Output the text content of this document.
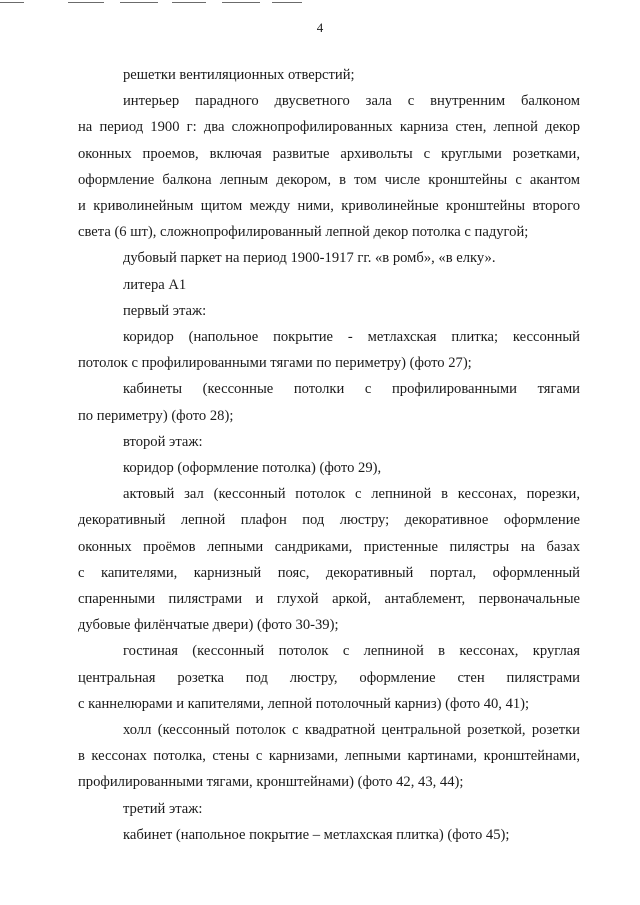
4
решетки вентиляционных отверстий;
интерьер парадного двусветного зала с внутренним балконом
на период 1900 г: два сложнопрофилированных карниза стен, лепной декор
оконных проемов, включая развитые архивольты с круглыми розетками,
оформление балкона лепным декором, в том числе кронштейны с акантом
и криволинейным щитом между ними, криволинейные кронштейны второго
света (6 шт), сложнопрофилированный лепной декор потолка с падугой;
дубовый паркет на период 1900-1917 гг. «в ромб», «в елку».
литера А1
первый этаж:
коридор (напольное покрытие - метлахская плитка; кессонный
потолок с профилированными тягами по периметру) (фото 27);
кабинеты (кессонные потолки с профилированными тягами
по периметру) (фото 28);
второй этаж:
коридор (оформление потолка) (фото 29),
актовый зал (кессонный потолок с лепниной в кессонах, порезки,
декоративный лепной плафон под люстру; декоративное оформление
оконных проёмов лепными сандриками, пристенные пилястры на базах
с капителями, карнизный пояс, декоративный портал, оформленный
спаренными пилястрами и глухой аркой, антаблемент, первоначальные
дубовые филёнчатые двери) (фото 30-39);
гостиная (кессонный потолок с лепниной в кессонах, круглая
центральная розетка под люстру, оформление стен пилястрами
с каннелюрами и капителями, лепной потолочный карниз) (фото 40, 41);
холл (кессонный потолок с квадратной центральной розеткой, розетки
в кессонах потолка, стены с карнизами, лепными картинами, кронштейнами,
профилированными тягами, кронштейнами) (фото 42, 43, 44);
третий этаж:
кабинет (напольное покрытие – метлахская плитка) (фото 45);
